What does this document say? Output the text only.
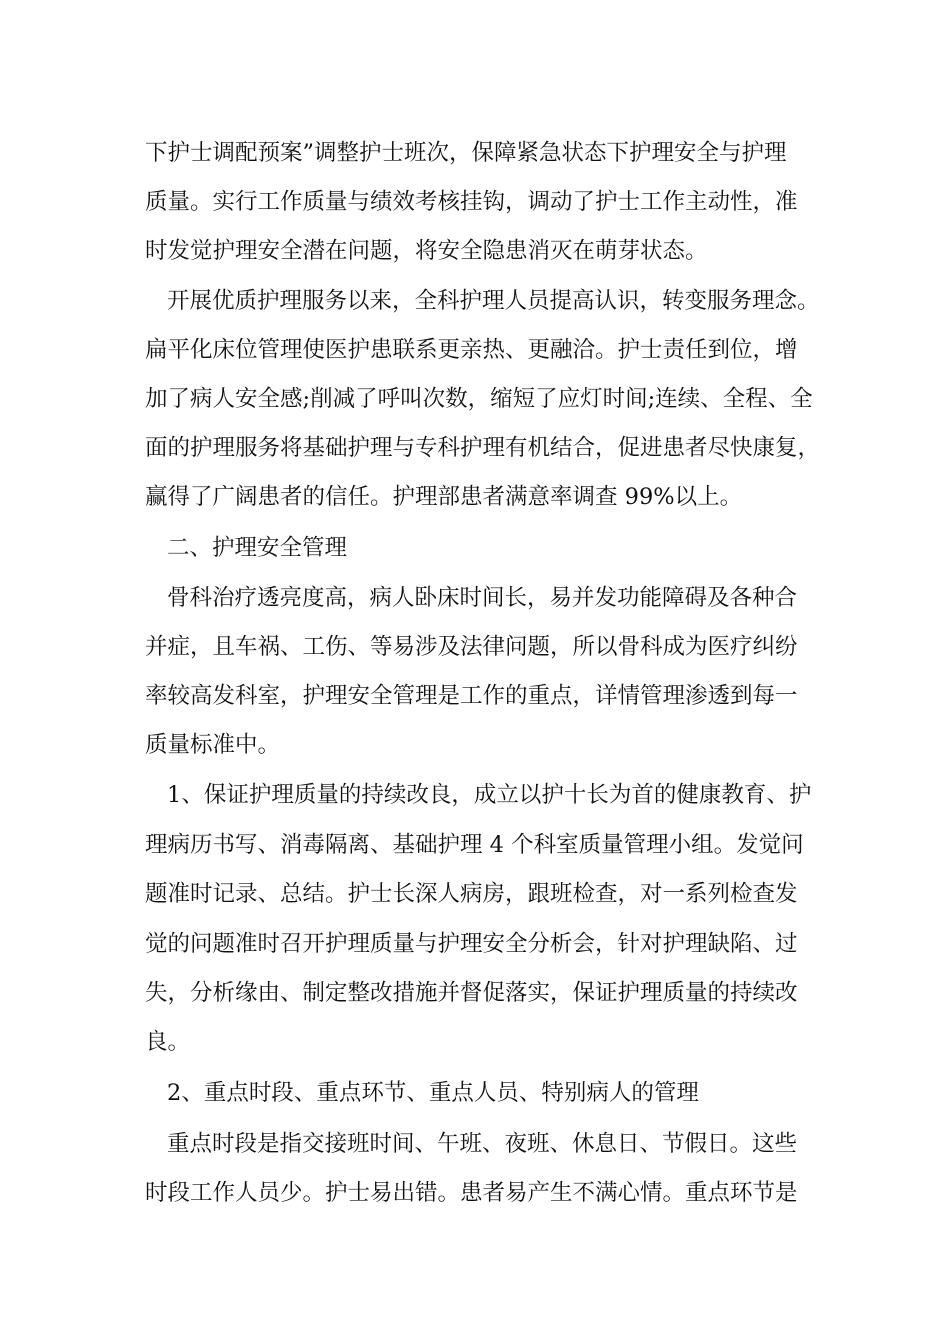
下护士调配预案”调整护士班次，保障紧急状态下护理安全与护理

质量。实行工作质量与绩效考核挂钩，调动了护士工作主动性，准

时发觉护理安全潜在问题，将安全隐患消灭在萌芽状态。

开展优质护理服务以来，全科护理人员提高认识，转变服务理念。

扁平化床位管理使医护患联系更亲热、更融洽。护士责任到位，增

加了病人安全感;削减了呼叫次数，缩短了应灯时间;连续、全程、全

面的护理服务将基础护理与专科护理有机结合，促进患者尽快康复，

赢得了广阔患者的信任。护理部患者满意率调查 99%以上。

二、护理安全管理

骨科治疗透亮度高，病人卧床时间长，易并发功能障碍及各种合

并症，且车祸、工伤、等易涉及法律问题，所以骨科成为医疗纠纷

率较高发科室，护理安全管理是工作的重点，详情管理渗透到每一

质量标准中。

1、保证护理质量的持续改良，成立以护十长为首的健康教育、护

理病历书写、消毒隔离、基础护理 4 个科室质量管理小组。发觉问

题准时记录、总结。护士长深人病房，跟班检查，对一系列检查发

觉的问题准时召开护理质量与护理安全分析会，针对护理缺陷、过

失，分析缘由、制定整改措施并督促落实，保证护理质量的持续改

良。

2、重点时段、重点环节、重点人员、特别病人的管理

重点时段是指交接班时间、午班、夜班、休息日、节假日。这些

时段工作人员少。护士易出错。患者易产生不满心情。重点环节是
